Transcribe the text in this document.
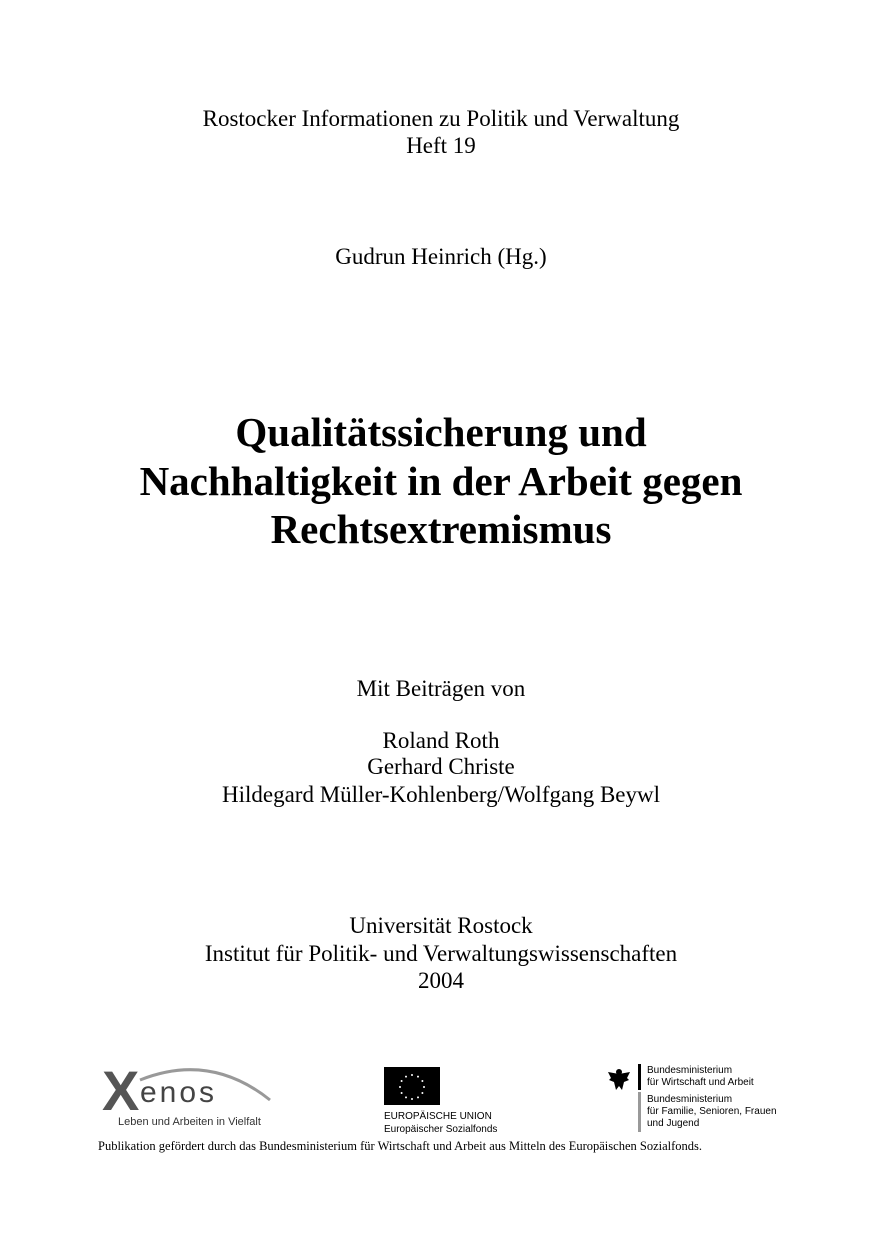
Rostocker Informationen zu Politik und Verwaltung
Heft 19
Gudrun Heinrich (Hg.)
Qualitätssicherung und
Nachhaltigkeit in der Arbeit gegen
Rechtsextremismus
Mit Beiträgen von
Roland Roth
Gerhard Christe
Hildegard Müller-Kohlenberg/Wolfgang Beywl
Universität Rostock
Institut für Politik- und Verwaltungswissenschaften
2004
X enos
Leben und Arbeiten in Vielfalt	EUROPÄISCHE UNION
Europäischer Sozialfonds
Bundesministerium
für Wirtschaft und Arbeit
Bundesministerium
für Familie, Senioren, Frauen
und Jugend
Publikation gefördert durch das Bundesministerium für Wirtschaft und Arbeit aus Mitteln des Europäischen Sozialfonds.
